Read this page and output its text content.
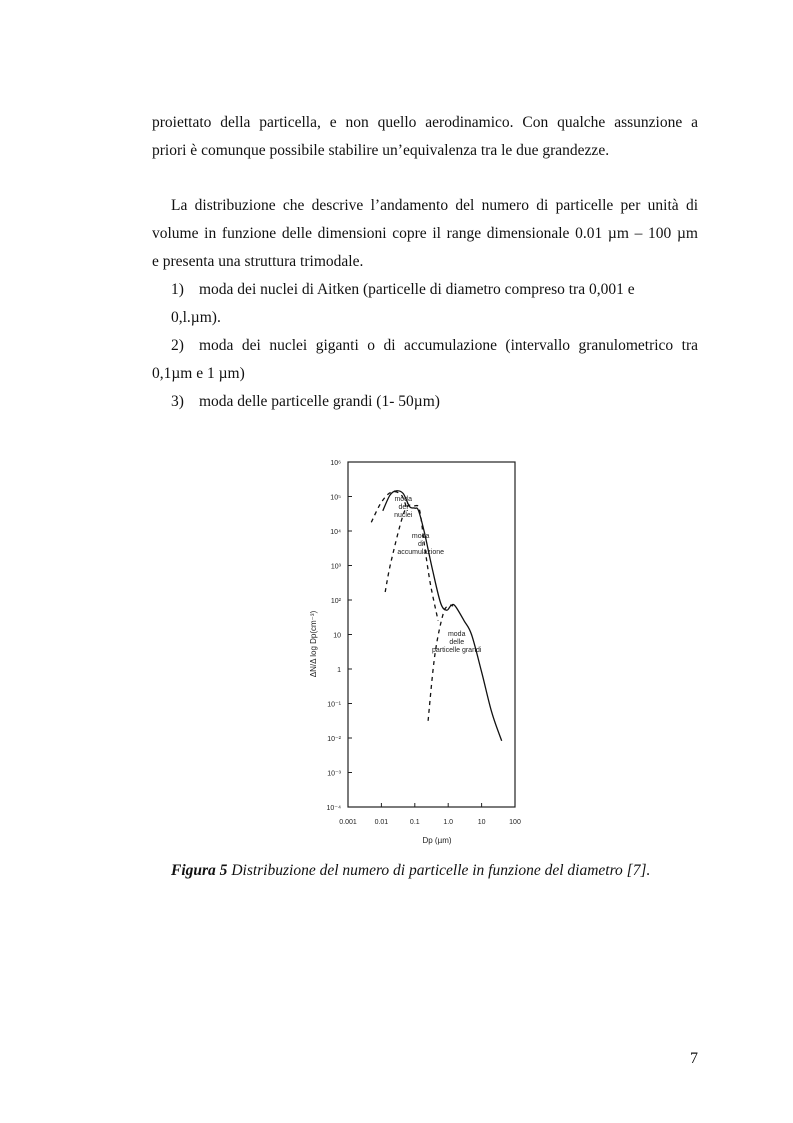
proiettato della particella, e non quello aerodinamico. Con qualche assunzione a

priori è comunque possibile stabilire un’equivalenza tra le due grandezze.

La distribuzione che descrive l’andamento del numero di particelle per unità di

volume in funzione delle dimensioni copre il range dimensionale 0.01 µm – 100 µm

e presenta una struttura trimodale.

1) moda dei nuclei di Aitken (particelle di diametro compreso tra 0,001 e
0,l.µm).
2) moda dei nuclei giganti o di accumulazione (intervallo granulometrico tra
0,1µm e 1 µm)
3) moda delle particelle grandi (1- 50µm)
10⁶
10⁵
10⁴
10³
10²
10
1
10⁻¹
10⁻²
10⁻³
10⁻⁴
0.001	0.01	0.1	1.0	10	100
moda
dei
nuclei
moda
di
accumulazione
moda
delle
particelle grandi
Dp (µm)
ΔN/Δ log Dp(cm⁻³)
Figura 5 Distribuzione del numero di particelle in funzione del diametro [7].
7
